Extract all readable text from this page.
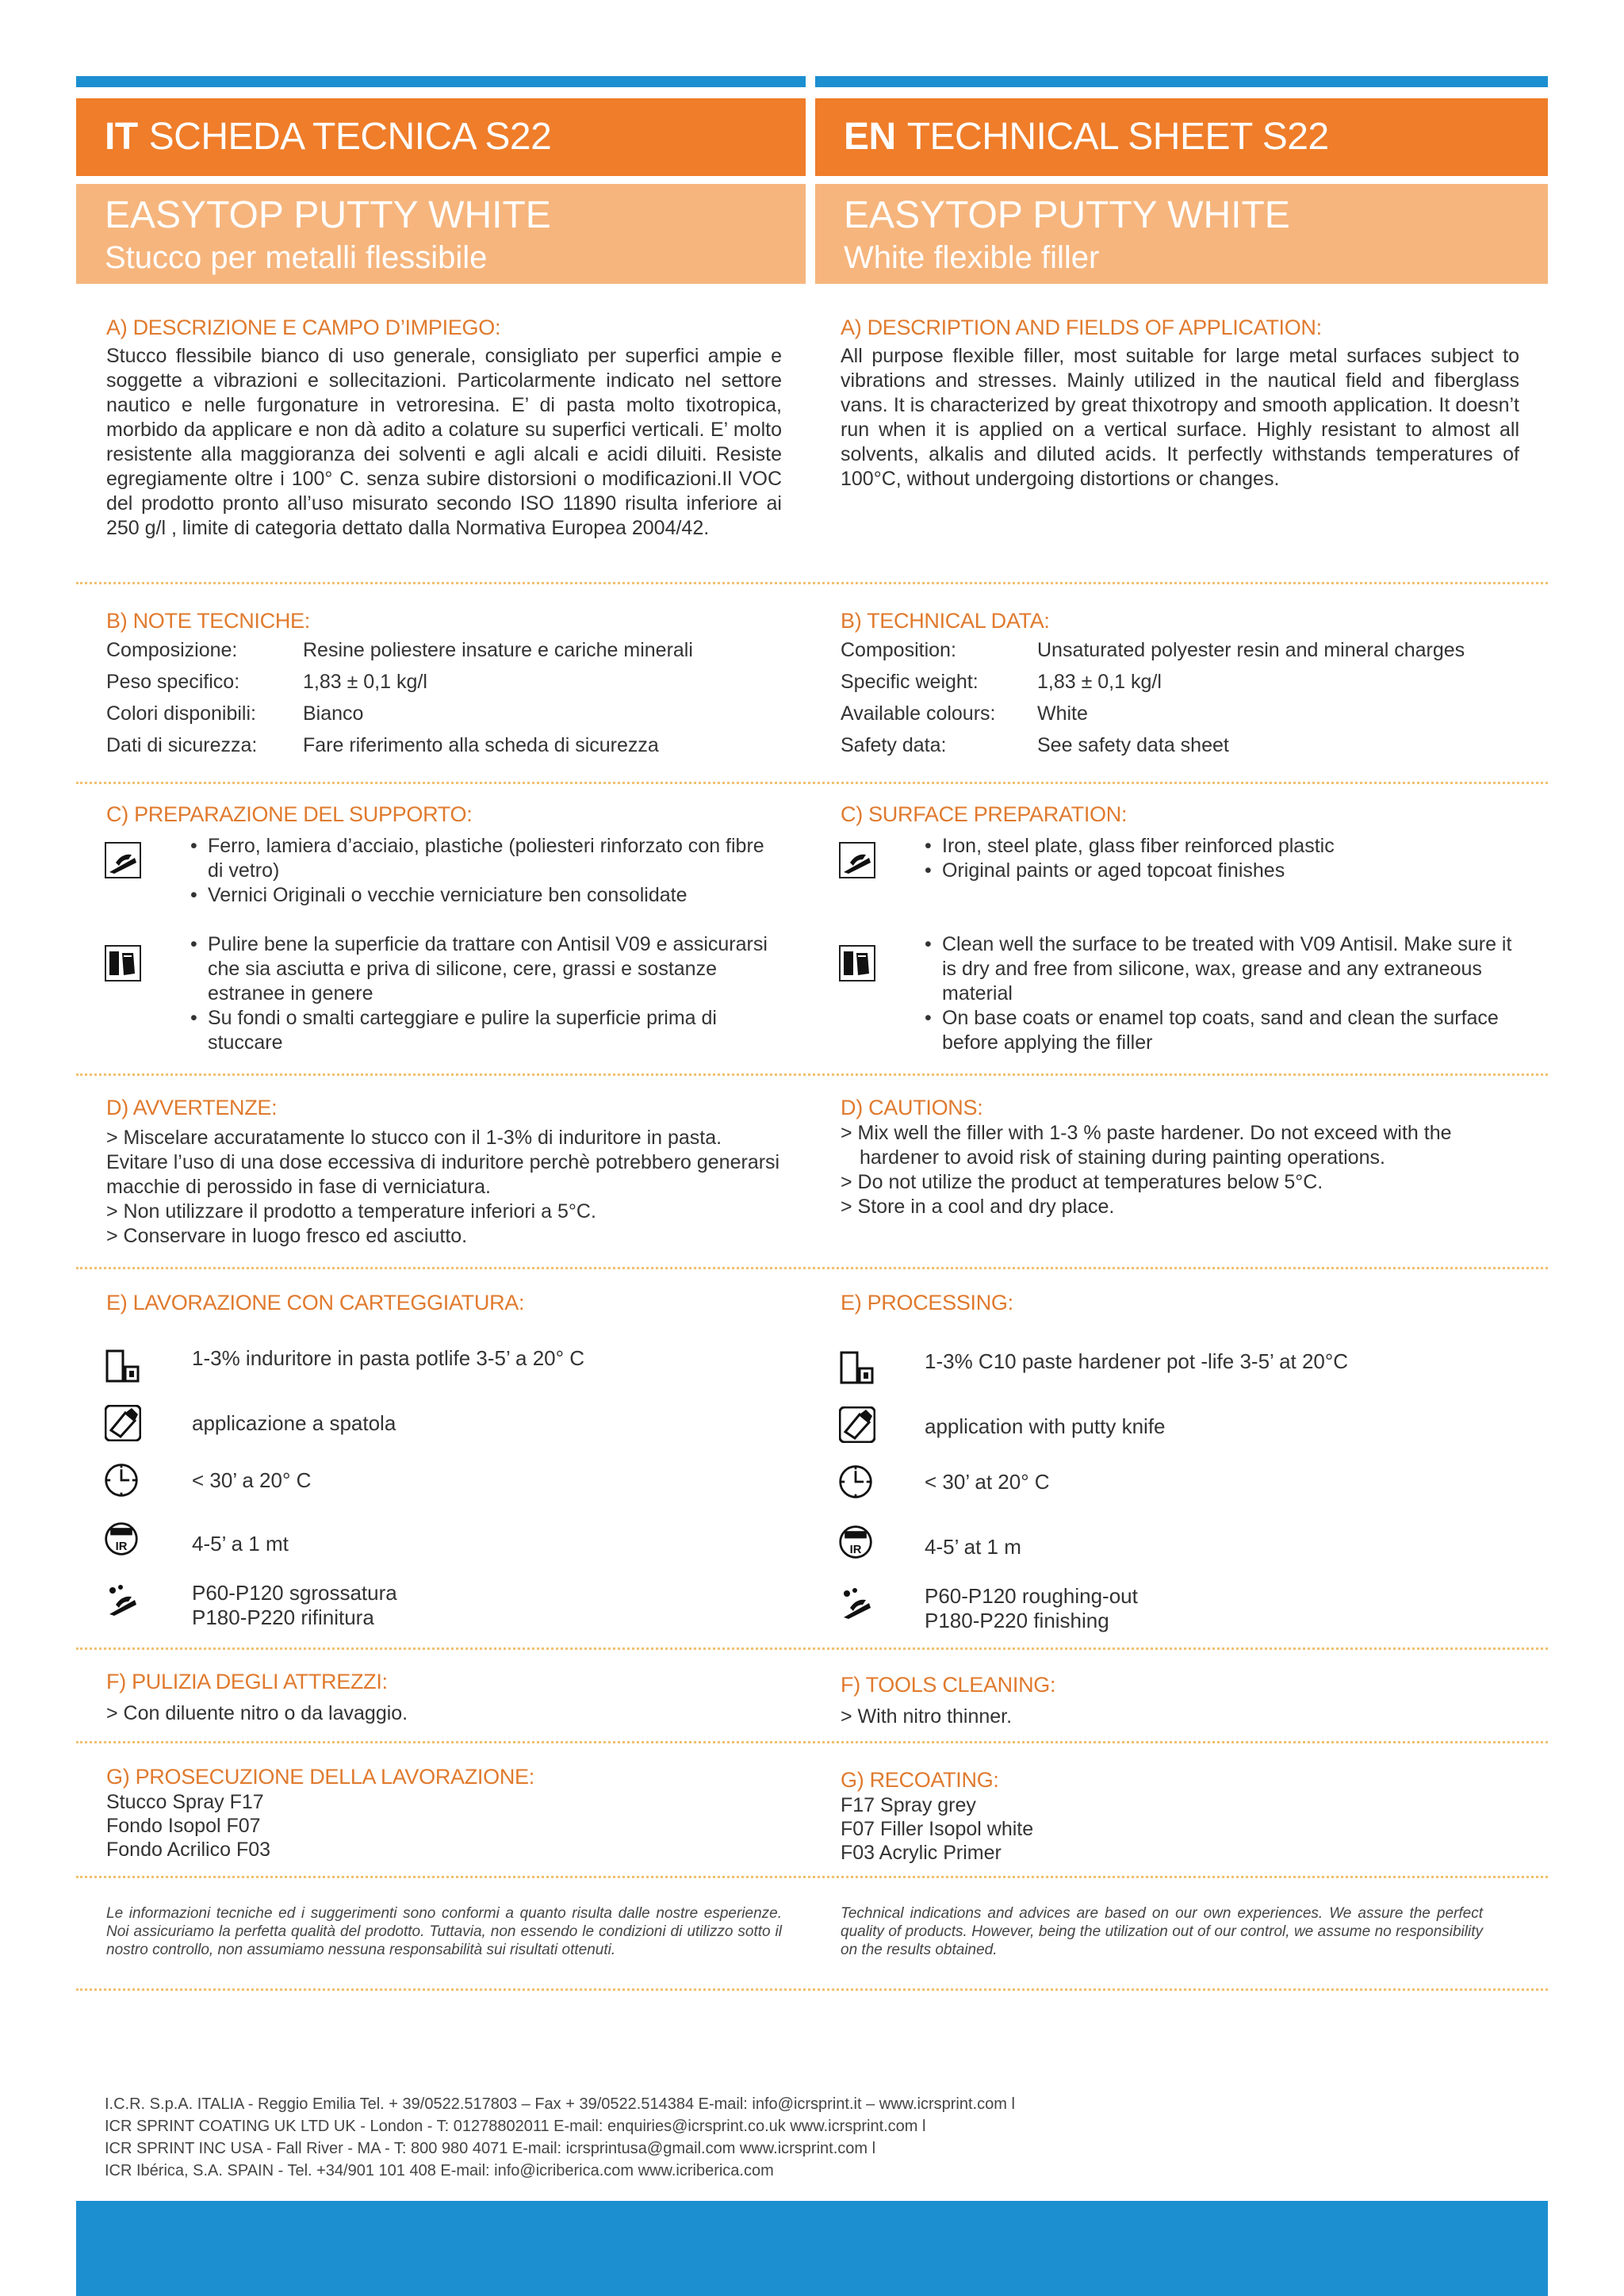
IT SCHEDA TECNICA S22	EN TECHNICAL SHEET S22
EASYTOP PUTTY WHITE
Stucco per metalli flessibile
EASYTOP PUTTY WHITE
White flexible filler

A) DESCRIZIONE E CAMPO D’IMPIEGO:

Stucco flessibile bianco di uso generale, consigliato per superfici ampie e soggette a vibrazioni e sollecitazioni. Particolarmente indicato nel settore nautico e nelle furgonature in vetroresina. E’ di pasta molto tixotropica, morbido da applicare e non dà adito a colature su superfici verticali. E’ molto resistente alla maggioranza dei solventi e agli alcali e acidi diluiti. Resiste egregiamente oltre i 100° C. senza subire distorsioni o modificazioni.Il VOC del prodotto pronto all’uso misurato secondo ISO 11890 risulta inferiore ai 250 g/l , limite di categoria dettato dalla Normativa Europea 2004/42.

A) DESCRIPTION AND FIELDS OF APPLICATION:

All purpose flexible filler, most suitable for large metal surfaces subject to vibrations and stresses. Mainly utilized in the nautical field and fiberglass vans. It is characterized by great thixotropy and smooth application. It doesn’t run when it is applied on a vertical surface. Highly resistant to almost all solvents, alkalis and diluted acids. It perfectly withstands temperatures of 100°C, without undergoing distortions or changes.

B) NOTE TECNICHE:

Composizione:	Resine poliestere insature e cariche minerali
Peso specifico:	1,83 ± 0,1 kg/l
Colori disponibili:	Bianco
Dati di sicurezza:	Fare riferimento alla scheda di sicurezza

B) TECHNICAL DATA:

Composition:	Unsaturated polyester resin and mineral charges
Specific weight:	1,83 ± 0,1 kg/l
Available colours:	White
Safety data:	See safety data sheet

C) PREPARAZIONE DEL SUPPORTO:	C) SURFACE PREPARATION:

• Ferro, lamiera d’acciaio, plastiche (poliesteri rinforzato con fibre di vetro)
• Vernici Originali o vecchie verniciature ben consolidate
• Pulire bene la superficie da trattare con Antisil V09 e assicurarsi che sia asciutta e priva di silicone, cere, grassi e sostanze estranee in genere
• Su fondi o smalti carteggiare e pulire la superficie prima di stuccare
• Iron, steel plate, glass fiber reinforced plastic
• Original paints or aged topcoat finishes
• Clean well the surface to be treated with V09 Antisil. Make sure it is dry and free from silicone, wax, grease and any extraneous material
• On base coats or enamel top coats, sand and clean the surface before applying the filler

D) AVVERTENZE:

> Miscelare accuratamente lo stucco con il 1-3% di induritore in pasta. Evitare l’uso di una dose eccessiva di induritore perchè potrebbero generarsi macchie di perossido in fase di verniciatura.
> Non utilizzare il prodotto a temperature inferiori a 5°C.
> Conservare in luogo fresco ed asciutto.

D) CAUTIONS:

> Mix well the filler with 1-3 % paste hardener. Do not exceed with the hardener to avoid risk of staining during painting operations.
> Do not utilize the product at temperatures below 5°C.
> Store in a cool and dry place.

E) LAVORAZIONE CON CARTEGGIATURA:	E) PROCESSING:

IR	IR
1-3% induritore in pasta potlife 3-5’ a 20° C
applicazione a spatola
< 30’ a 20° C
4-5’ a 1 mt
P60-P120 sgrossatura
P180-P220 rifinitura
1-3% C10 paste hardener pot -life 3-5’ at 20°C
application with putty knife
< 30’ at 20° C
4-5’ at 1 m
P60-P120 roughing-out
P180-P220 finishing

F) PULIZIA DEGLI ATTREZZI:

> Con diluente nitro o da lavaggio.

F) TOOLS CLEANING:

> With nitro thinner.

G) PROSECUZIONE DELLA LAVORAZIONE:

Stucco Spray F17
Fondo Isopol F07
Fondo Acrilico F03

G) RECOATING:

F17 Spray grey
F07 Filler Isopol white
F03 Acrylic Primer
Le informazioni tecniche ed i suggerimenti sono conformi a quanto risulta dalle nostre esperienze. Noi assicuriamo la perfetta qualità del prodotto. Tuttavia, non essendo le condizioni di utilizzo sotto il nostro controllo, non assumiamo nessuna responsabilità sui risultati ottenuti.
Technical indications and advices are based on our own experiences. We assure the perfect quality of products. However, being the utilization out of our control, we assume no responsibility on the results obtained.
I.C.R. S.p.A. ITALIA - Reggio Emilia Tel. + 39/0522.517803 – Fax + 39/0522.514384 E-mail: info@icrsprint.it – www.icrsprint.com l
ICR SPRINT COATING UK LTD UK - London - T: 01278802011 E-mail: enquiries@icrsprint.co.uk www.icrsprint.com l
ICR SPRINT INC USA - Fall River - MA - T: 800 980 4071 E-mail: icrsprintusa@gmail.com www.icrsprint.com l
ICR Ibérica, S.A. SPAIN - Tel. +34/901 101 408 E-mail: info@icriberica.com www.icriberica.com
